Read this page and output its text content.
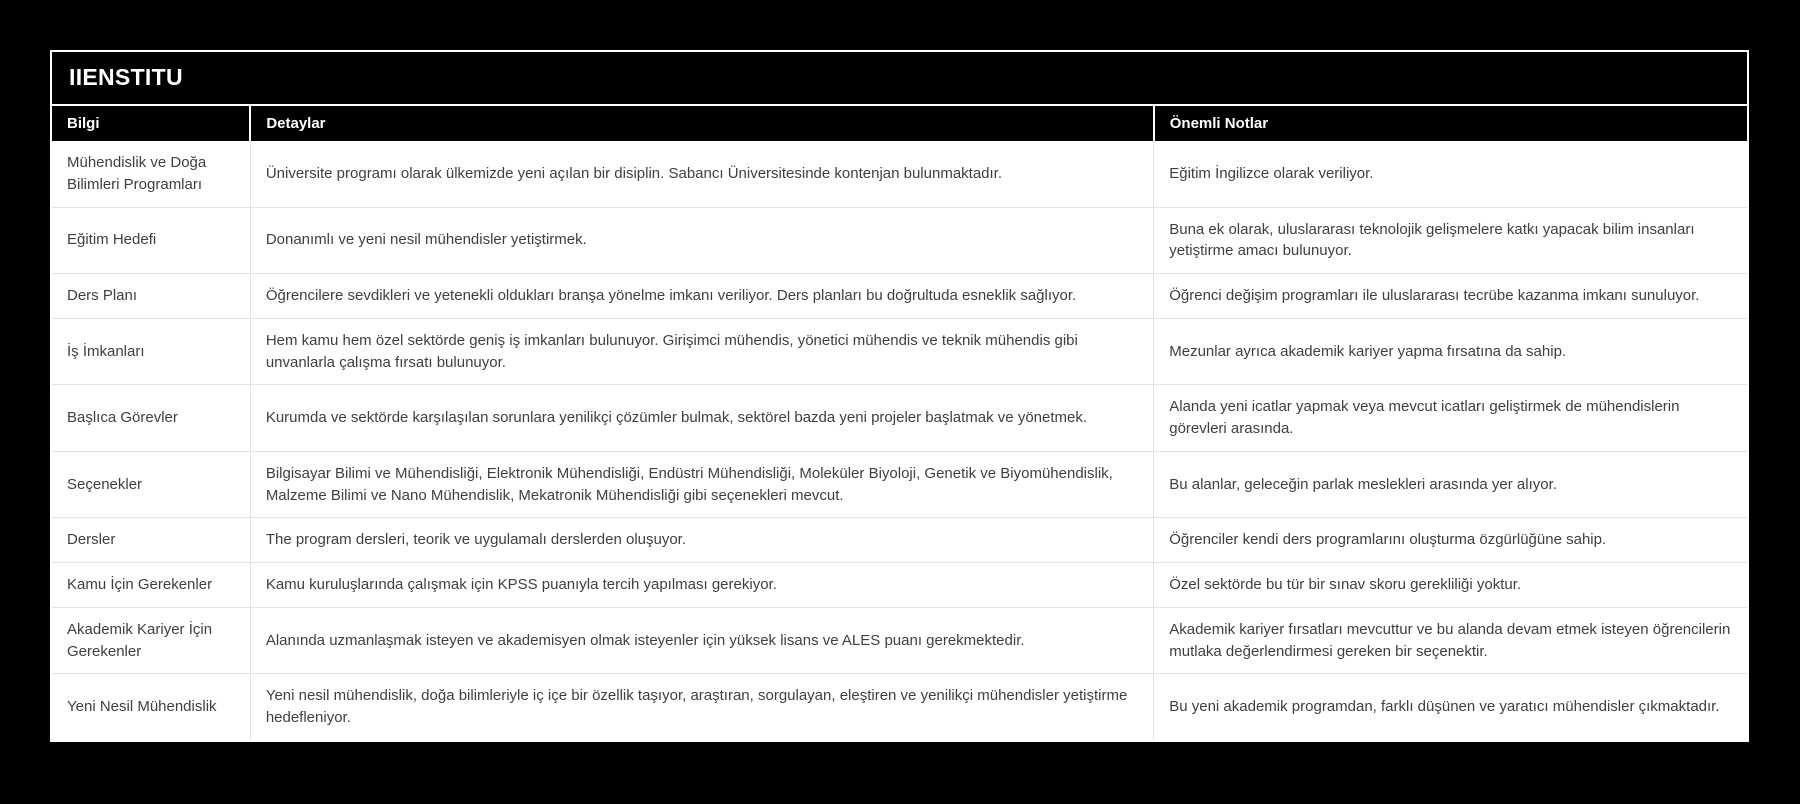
IIENSTITU
Bilgi	Detaylar	Önemli Notlar
Mühendislik ve Doğa Bilimleri Programları	Üniversite programı olarak ülkemizde yeni açılan bir disiplin. Sabancı Üniversitesinde kontenjan bulunmaktadır.	Eğitim İngilizce olarak veriliyor.
Eğitim Hedefi	Donanımlı ve yeni nesil mühendisler yetiştirmek.	Buna ek olarak, uluslararası teknolojik gelişmelere katkı yapacak bilim insanları yetiştirme amacı bulunuyor.
Ders Planı	Öğrencilere sevdikleri ve yetenekli oldukları branşa yönelme imkanı veriliyor. Ders planları bu doğrultuda esneklik sağlıyor.	Öğrenci değişim programları ile uluslararası tecrübe kazanma imkanı sunuluyor.
İş İmkanları	Hem kamu hem özel sektörde geniş iş imkanları bulunuyor. Girişimci mühendis, yönetici mühendis ve teknik mühendis gibi unvanlarla çalışma fırsatı bulunuyor.	Mezunlar ayrıca akademik kariyer yapma fırsatına da sahip.
Başlıca Görevler	Kurumda ve sektörde karşılaşılan sorunlara yenilikçi çözümler bulmak, sektörel bazda yeni projeler başlatmak ve yönetmek.	Alanda yeni icatlar yapmak veya mevcut icatları geliştirmek de mühendislerin görevleri arasında.
Seçenekler	Bilgisayar Bilimi ve Mühendisliği, Elektronik Mühendisliği, Endüstri Mühendisliği, Moleküler Biyoloji, Genetik ve Biyomühendislik, Malzeme Bilimi ve Nano Mühendislik, Mekatronik Mühendisliği gibi seçenekleri mevcut.	Bu alanlar, geleceğin parlak meslekleri arasında yer alıyor.
Dersler	The program dersleri, teorik ve uygulamalı derslerden oluşuyor.	Öğrenciler kendi ders programlarını oluşturma özgürlüğüne sahip.
Kamu İçin Gerekenler	Kamu kuruluşlarında çalışmak için KPSS puanıyla tercih yapılması gerekiyor.	Özel sektörde bu tür bir sınav skoru gerekliliği yoktur.
Akademik Kariyer İçin Gerekenler	Alanında uzmanlaşmak isteyen ve akademisyen olmak isteyenler için yüksek lisans ve ALES puanı gerekmektedir.	Akademik kariyer fırsatları mevcuttur ve bu alanda devam etmek isteyen öğrencilerin mutlaka değerlendirmesi gereken bir seçenektir.
Yeni Nesil Mühendislik	Yeni nesil mühendislik, doğa bilimleriyle iç içe bir özellik taşıyor, araştıran, sorgulayan, eleştiren ve yenilikçi mühendisler yetiştirme hedefleniyor.	Bu yeni akademik programdan, farklı düşünen ve yaratıcı mühendisler çıkmaktadır.
